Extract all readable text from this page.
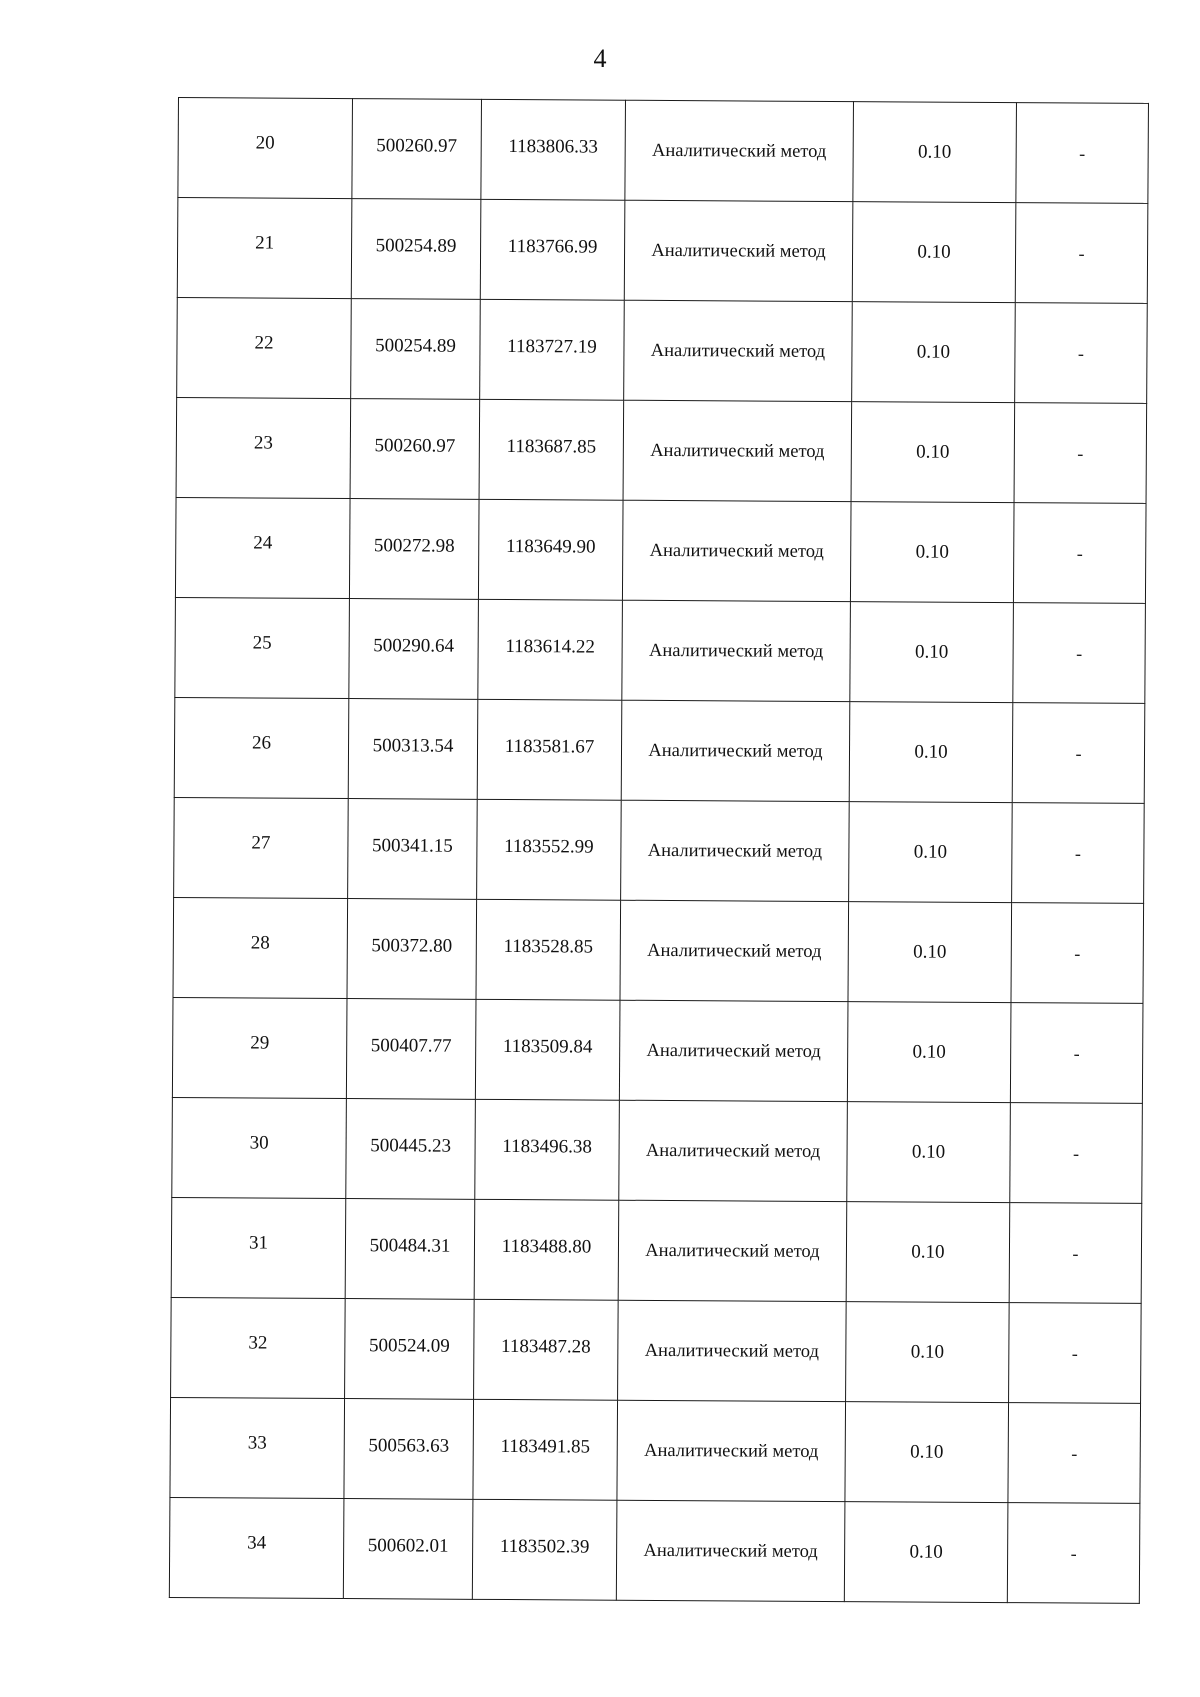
4
20	500260.97	1183806.33	Аналитический метод	0.10	-
21	500254.89	1183766.99	Аналитический метод	0.10	-
22	500254.89	1183727.19	Аналитический метод	0.10	-
23	500260.97	1183687.85	Аналитический метод	0.10	-
24	500272.98	1183649.90	Аналитический метод	0.10	-
25	500290.64	1183614.22	Аналитический метод	0.10	-
26	500313.54	1183581.67	Аналитический метод	0.10	-
27	500341.15	1183552.99	Аналитический метод	0.10	-
28	500372.80	1183528.85	Аналитический метод	0.10	-
29	500407.77	1183509.84	Аналитический метод	0.10	-
30	500445.23	1183496.38	Аналитический метод	0.10	-
31	500484.31	1183488.80	Аналитический метод	0.10	-
32	500524.09	1183487.28	Аналитический метод	0.10	-
33	500563.63	1183491.85	Аналитический метод	0.10	-
34	500602.01	1183502.39	Аналитический метод	0.10	-
